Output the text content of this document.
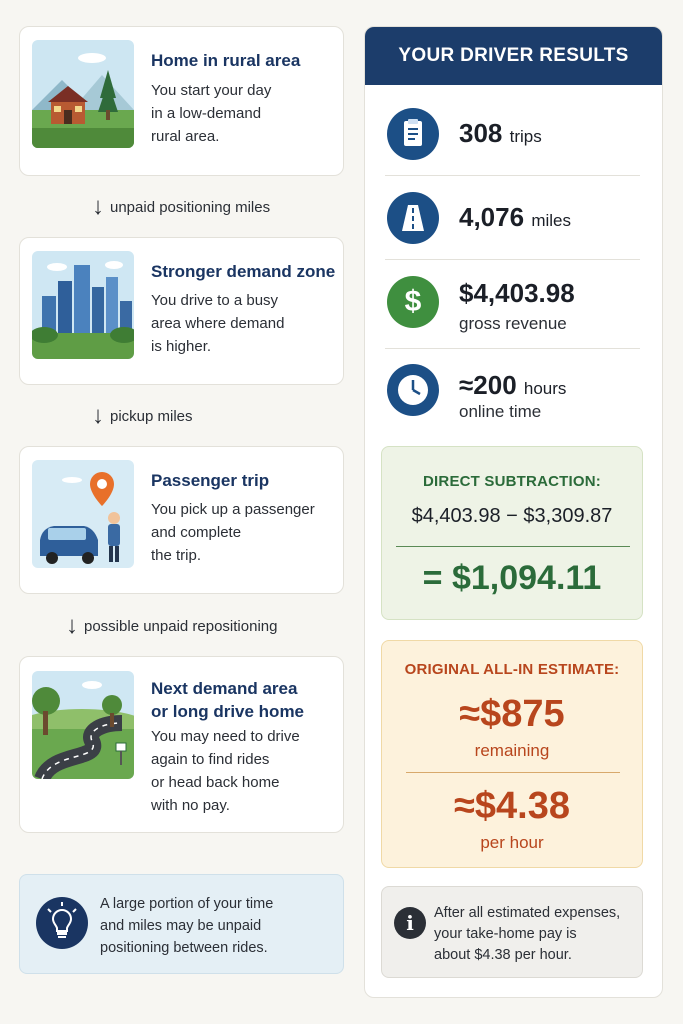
Home in rural area
You start your day
in a low-demand
rural area.
↓ unpaid positioning miles
Stronger demand zone
You drive to a busy
area where demand
is higher.
↓ pickup miles
Passenger trip
You pick up a passenger
and complete
the trip.
↓ possible unpaid repositioning
Next demand area
or long drive home
You may need to drive
again to find rides
or head back home
with no pay.
A large portion of your time
and miles may be unpaid
positioning between rides.
YOUR DRIVER RESULTS
308 trips
4,076 miles
$	$4,403.98
gross revenue
≈200 hours
online time
DIRECT SUBTRACTION:
$4,403.98 − $3,309.87
= $1,094.11
ORIGINAL ALL-IN ESTIMATE:
≈$875
remaining
≈$4.38
per hour
i	After all estimated expenses,
your take-home pay is
about $4.38 per hour.
